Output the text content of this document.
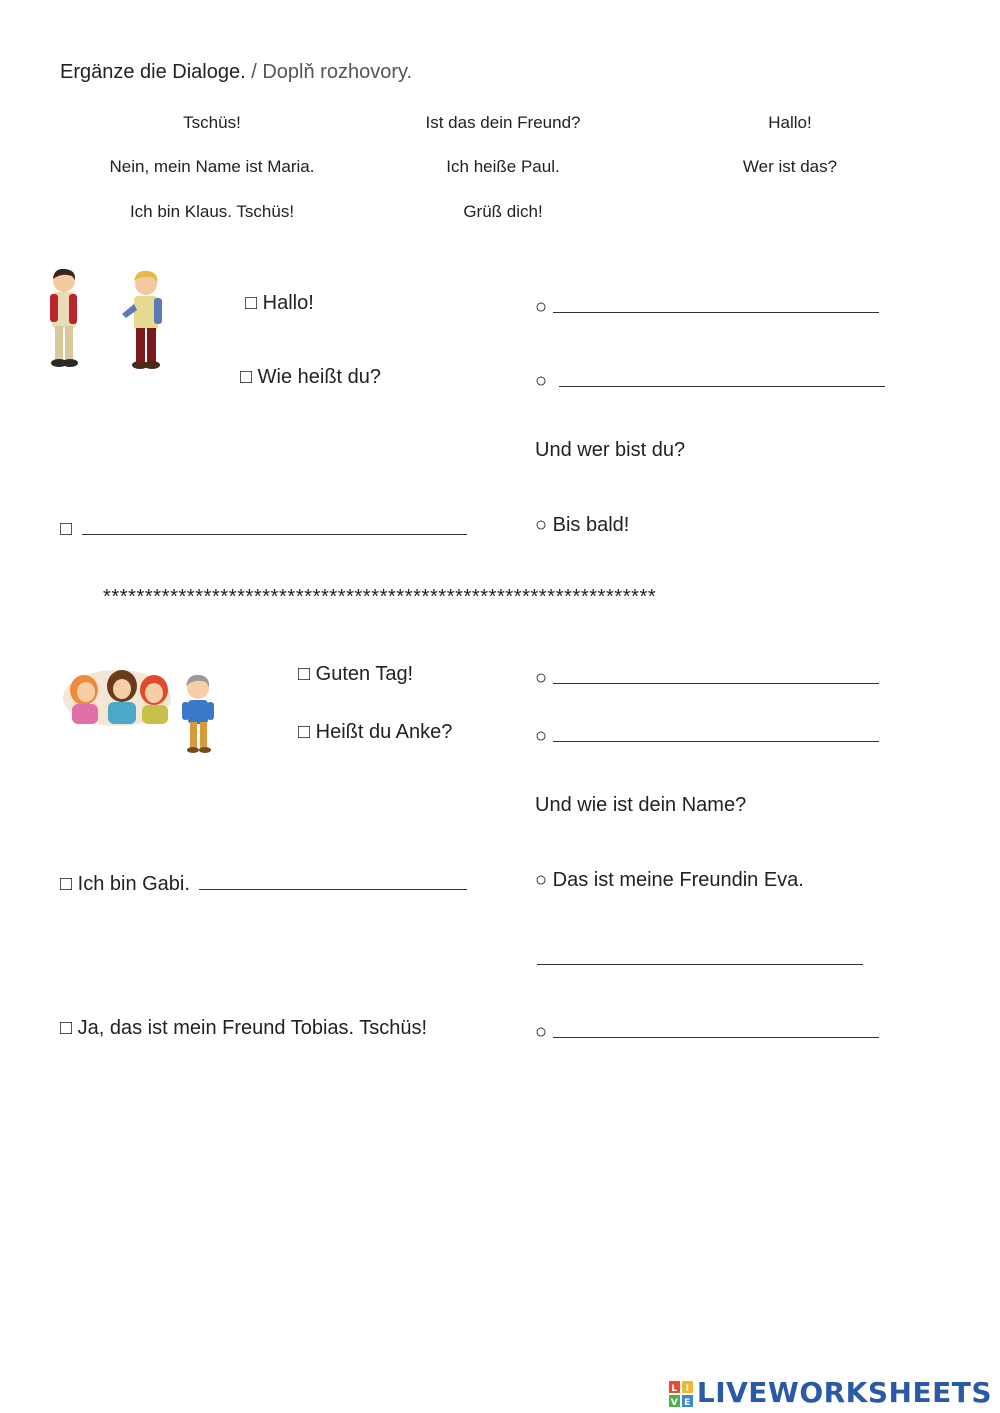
Ergänze die Dialoge. / Doplň rozhovory.
Tschüs!	Ist das dein Freund?	Hallo!
Nein, mein Name ist Maria.	Ich heiße Paul.	Wer ist das?
Ich bin Klaus. Tschüs!	Grüß dich!
□ Hallo!	○
□ Wie heißt du?	○
Und wer bist du?
□	○ Bis bald!
******************************************************************
□ Guten Tag!	○
□ Heißt du Anke?	○
Und wie ist dein Name?
□ Ich bin Gabi.	○ Das ist meine Freundin Eva.
□ Ja, das ist mein Freund Tobias. Tschüs!	○
L I
V E LIVEWORKSHEETS
